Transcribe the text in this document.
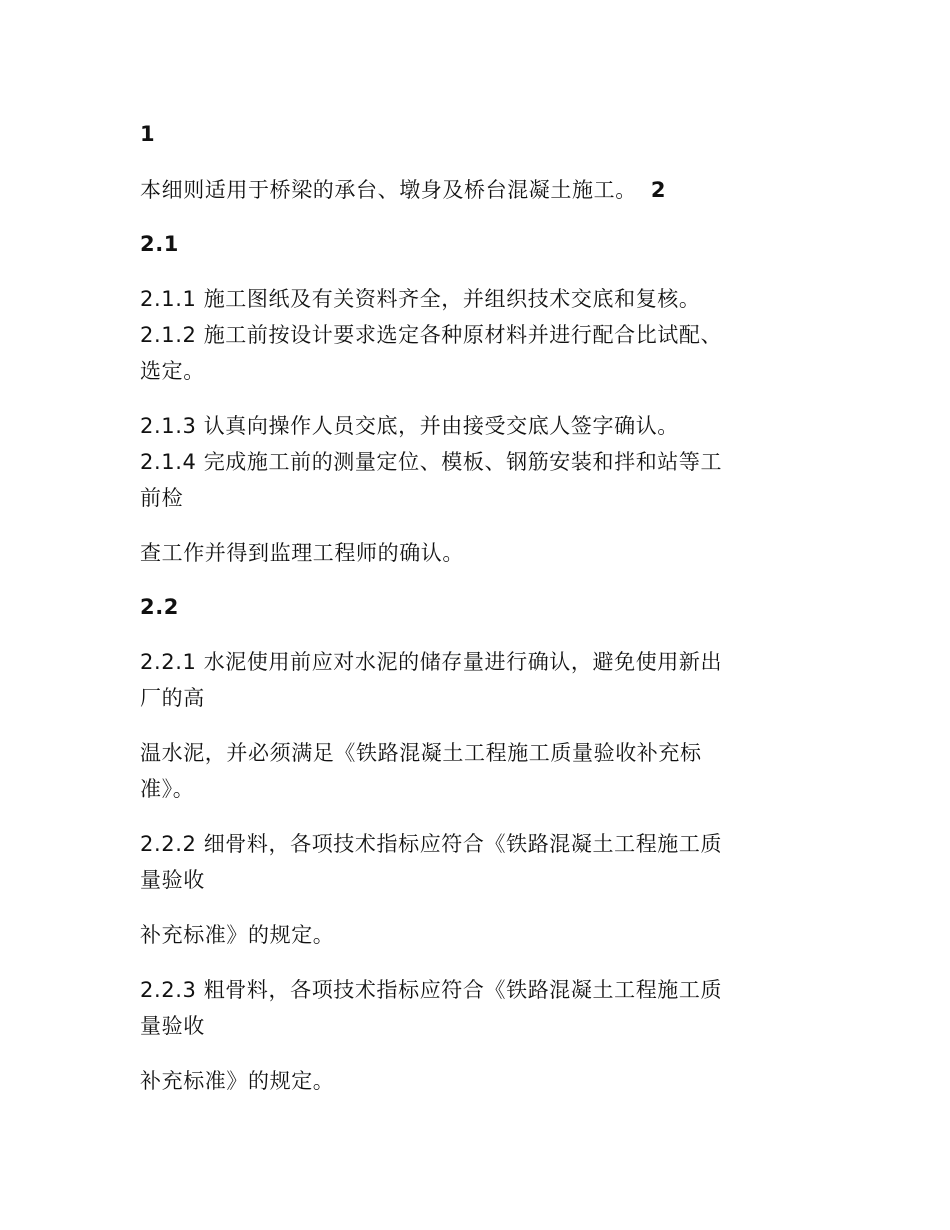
1
本细则适用于桥梁的承台、墩身及桥台混凝土施工。 2
2.1
2.1.1 施工图纸及有关资料齐全，并组织技术交底和复核。
2.1.2 施工前按设计要求选定各种原材料并进行配合比试配、
选定。
2.1.3 认真向操作人员交底，并由接受交底人签字确认。
2.1.4 完成施工前的测量定位、模板、钢筋安装和拌和站等工
前检
查工作并得到监理工程师的确认。
2.2
2.2.1 水泥使用前应对水泥的储存量进行确认，避免使用新出
厂的高
温水泥，并必须满足《铁路混凝土工程施工质量验收补充标
准》。
2.2.2 细骨料，各项技术指标应符合《铁路混凝土工程施工质
量验收
补充标准》的规定。
2.2.3 粗骨料，各项技术指标应符合《铁路混凝土工程施工质
量验收
补充标准》的规定。
